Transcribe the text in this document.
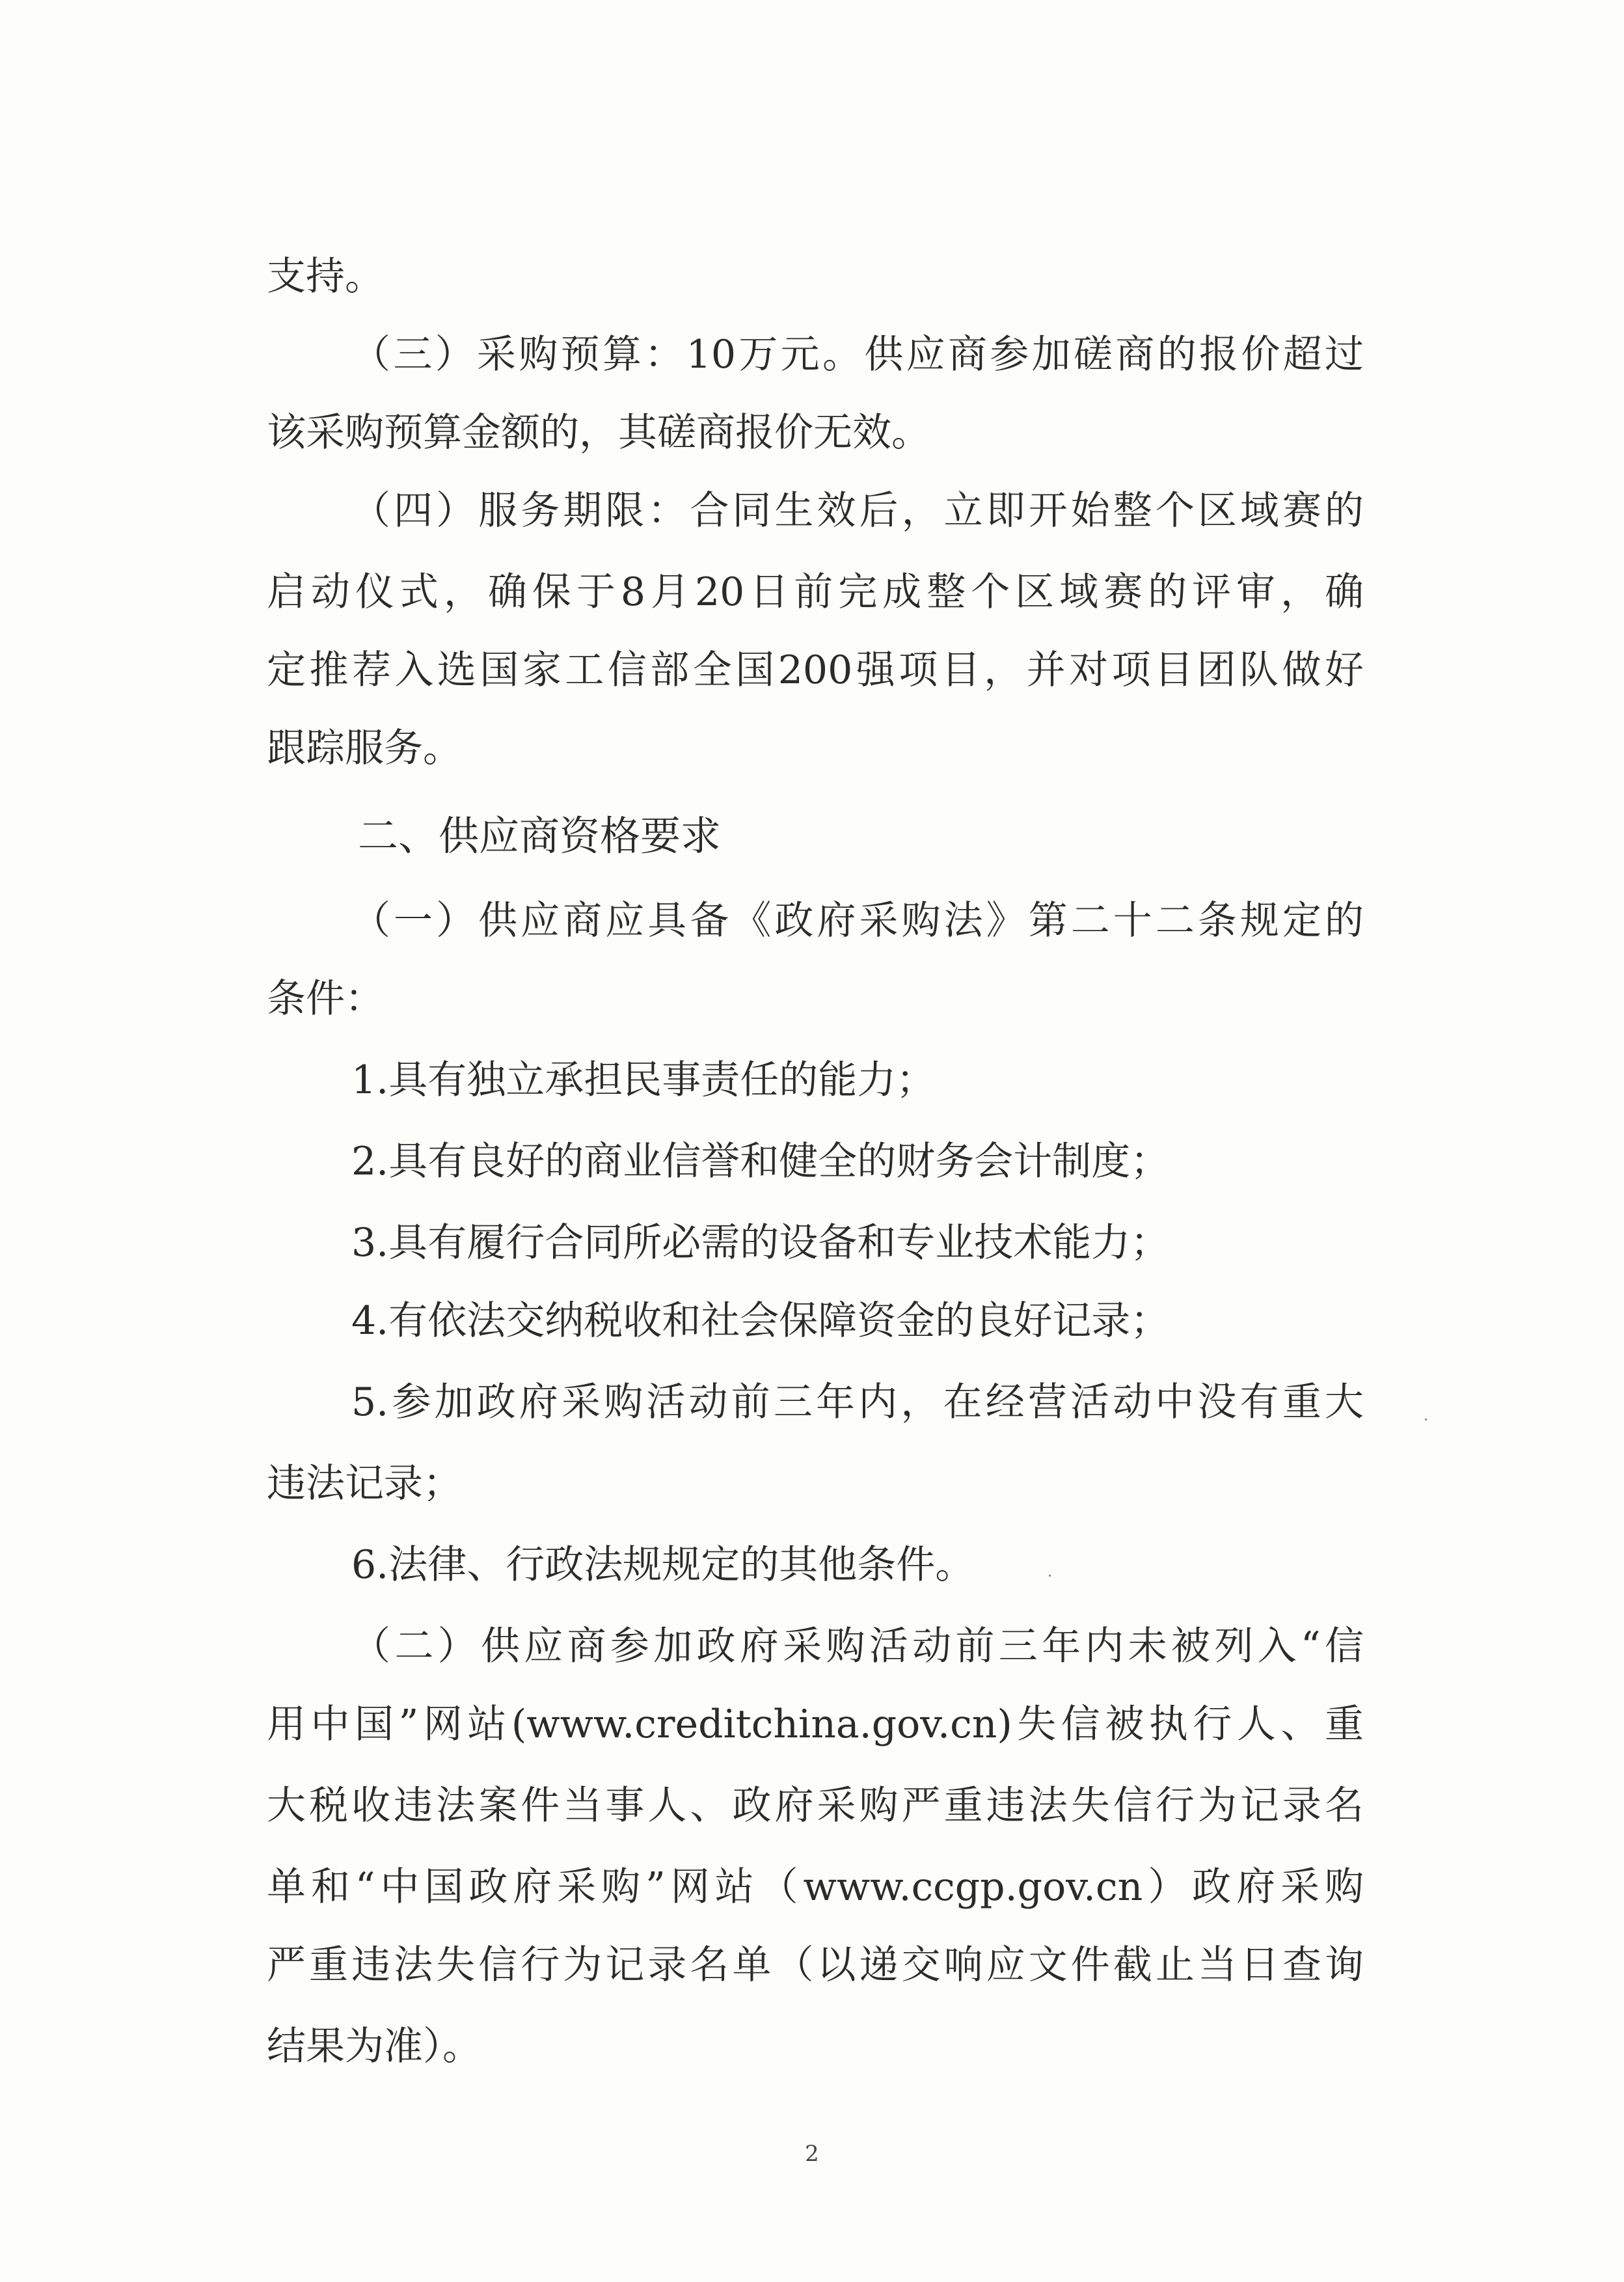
支持。
（三）采购预算：10万元。供应商参加磋商的报价超过
该采购预算金额的，其磋商报价无效。
（四）服务期限：合同生效后，立即开始整个区域赛的
启动仪式，确保于8月20日前完成整个区域赛的评审，确
定推荐入选国家工信部全国200强项目，并对项目团队做好
跟踪服务。
二、供应商资格要求
（一）供应商应具备《政府采购法》第二十二条规定的
条件：
1.具有独立承担民事责任的能力；
2.具有良好的商业信誉和健全的财务会计制度；
3.具有履行合同所必需的设备和专业技术能力；
4.有依法交纳税收和社会保障资金的良好记录；
5.参加政府采购活动前三年内，在经营活动中没有重大
违法记录；
6.法律、行政法规规定的其他条件。
（二）供应商参加政府采购活动前三年内未被列入“信
用中国”网站(www.creditchina.gov.cn)失信被执行人、重
大税收违法案件当事人、政府采购严重违法失信行为记录名
单和“中国政府采购”网站（www.ccgp.gov.cn）政府采购
严重违法失信行为记录名单（以递交响应文件截止当日查询
结果为准）。
2
